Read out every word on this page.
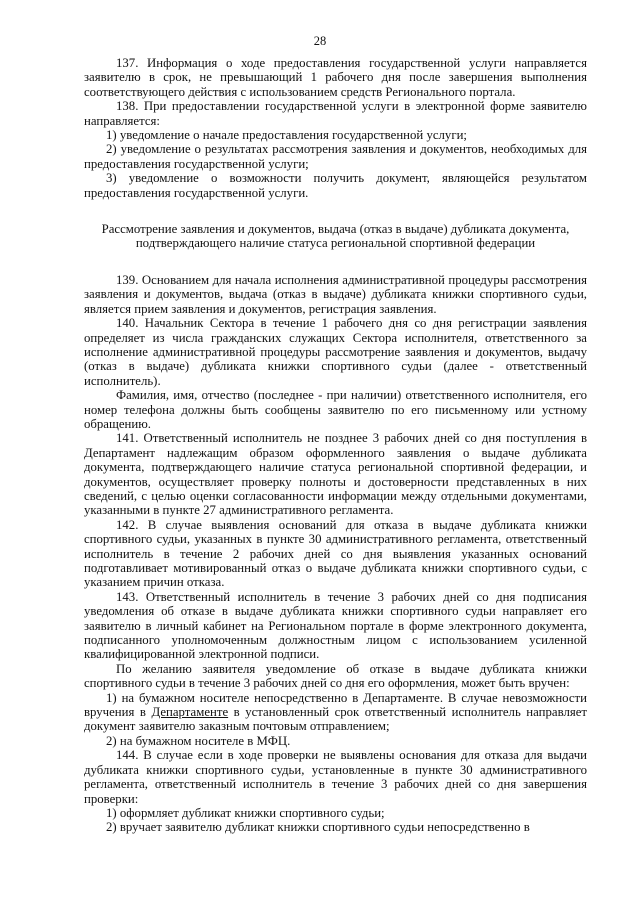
28

137. Информация о ходе предоставления государственной услуги направляется заявителю в срок, не превышающий 1 рабочего дня после завершения выполнения соответствующего действия с использованием средств Регионального портала.

138. При предоставлении государственной услуги в электронной форме заявителю направляется:

1) уведомление о начале предоставления государственной услуги;

2) уведомление о результатах рассмотрения заявления и документов, необходимых для предоставления государственной услуги;

3) уведомление о возможности получить документ, являющейся результатом предоставления государственной услуги.

Рассмотрение заявления и документов, выдача (отказ в выдаче) дубликата документа,
подтверждающего наличие статуса региональной спортивной федерации

139. Основанием для начала исполнения административной процедуры рассмотрения заявления и документов, выдача (отказ в выдаче) дубликата книжки спортивного судьи, является прием заявления и документов, регистрация заявления.

140. Начальник Сектора в течение 1 рабочего дня со дня регистрации заявления определяет из числа гражданских служащих Сектора исполнителя, ответственного за исполнение административной процедуры рассмотрение заявления и документов, выдачу (отказ в выдаче) дубликата книжки спортивного судьи (далее - ответственный исполнитель).

Фамилия, имя, отчество (последнее - при наличии) ответственного исполнителя, его номер телефона должны быть сообщены заявителю по его письменному или устному обращению.

141. Ответственный исполнитель не позднее 3 рабочих дней со дня поступления в Департамент надлежащим образом оформленного заявления о выдаче дубликата документа, подтверждающего наличие статуса региональной спортивной федерации, и документов, осуществляет проверку полноты и достоверности представленных в них сведений, с целью оценки согласованности информации между отдельными документами, указанными в пункте 27 административного регламента.

142. В случае выявления оснований для отказа в выдаче дубликата книжки спортивного судьи, указанных в пункте 30 административного регламента, ответственный исполнитель в течение 2 рабочих дней со дня выявления указанных оснований подготавливает мотивированный отказ о выдаче дубликата книжки спортивного судьи, с указанием причин отказа.

143. Ответственный исполнитель в течение 3 рабочих дней со дня подписания уведомления об отказе в выдаче дубликата книжки спортивного судьи направляет его заявителю в личный кабинет на Региональном портале в форме электронного документа, подписанного уполномоченным должностным лицом с использованием усиленной квалифицированной электронной подписи.

По желанию заявителя уведомление об отказе в выдаче дубликата книжки спортивного судьи в течение 3 рабочих дней со дня его оформления, может быть вручен:

1) на бумажном носителе непосредственно в Департаменте. В случае невозможности вручения в Департаменте в установленный срок ответственный исполнитель направляет документ заявителю заказным почтовым отправлением;

2) на бумажном носителе в МФЦ.

144. В случае если в ходе проверки не выявлены основания для отказа для выдачи дубликата книжки спортивного судьи, установленные в пункте 30 административного регламента, ответственный исполнитель в течение 3 рабочих дней со дня завершения проверки:

1) оформляет дубликат книжки спортивного судьи;

2) вручает заявителю дубликат книжки спортивного судьи непосредственно в
